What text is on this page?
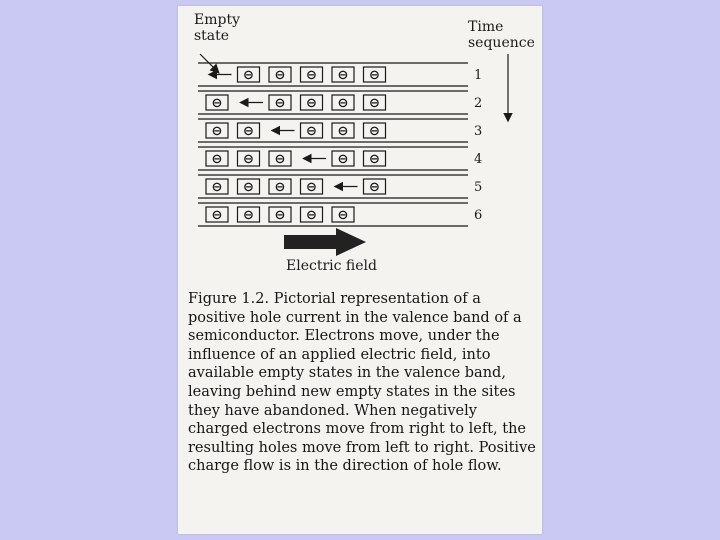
⊖ ⊖ ⊖ ⊖ ⊖	1
⊖	⊖ ⊖ ⊖ ⊖	2
⊖ ⊖	⊖ ⊖ ⊖	3
⊖ ⊖ ⊖	⊖ ⊖	4
⊖ ⊖ ⊖ ⊖	⊖	5
⊖ ⊖ ⊖ ⊖ ⊖	6
Empty
state
Time
sequence
Electric field

Figure 1.2. Pictorial representation of a positive hole current in the valence band of a semiconductor. Electrons move, under the influence of an applied electric field, into available empty states in the valence band, leaving behind new empty states in the sites they have abandoned. When negatively charged electrons move from right to left, the resulting holes move from left to right. Positive charge flow is in the direction of hole flow.
